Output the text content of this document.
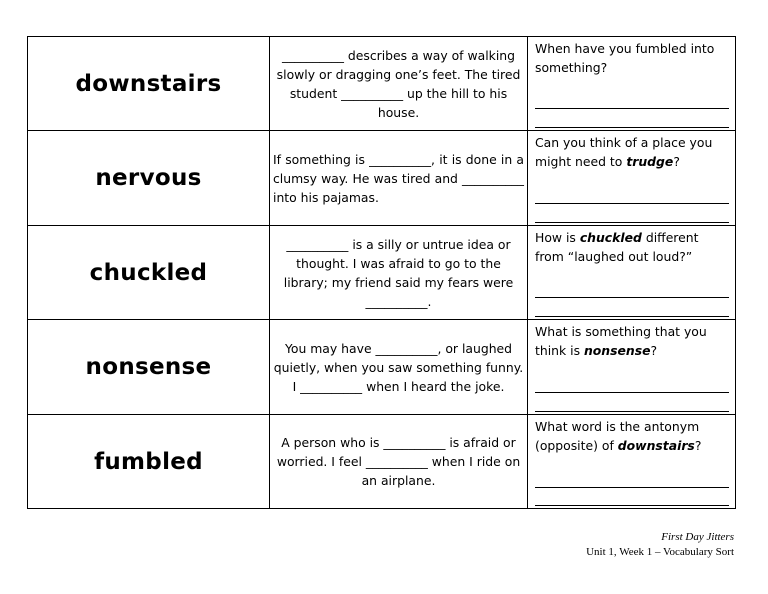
downstairs
__________ describes a way of walking slowly or dragging one’s feet. The tired student __________ up the hill to his house.
When have you fumbled into something?
nervous
If something is __________, it is done in a clumsy way. He was tired and __________ into his pajamas.
Can you think of a place you might need to trudge?
chuckled
__________ is a silly or untrue idea or thought. I was afraid to go to the library; my friend said my fears were __________.
How is chuckled different from “laughed out loud?”
nonsense
You may have __________, or laughed quietly, when you saw something funny. I __________ when I heard the joke.
What is something that you think is nonsense?
fumbled
A person who is __________ is afraid or worried. I feel __________ when I ride on an airplane.
What word is the antonym (opposite) of downstairs?
First Day Jitters
Unit 1, Week 1 – Vocabulary Sort
